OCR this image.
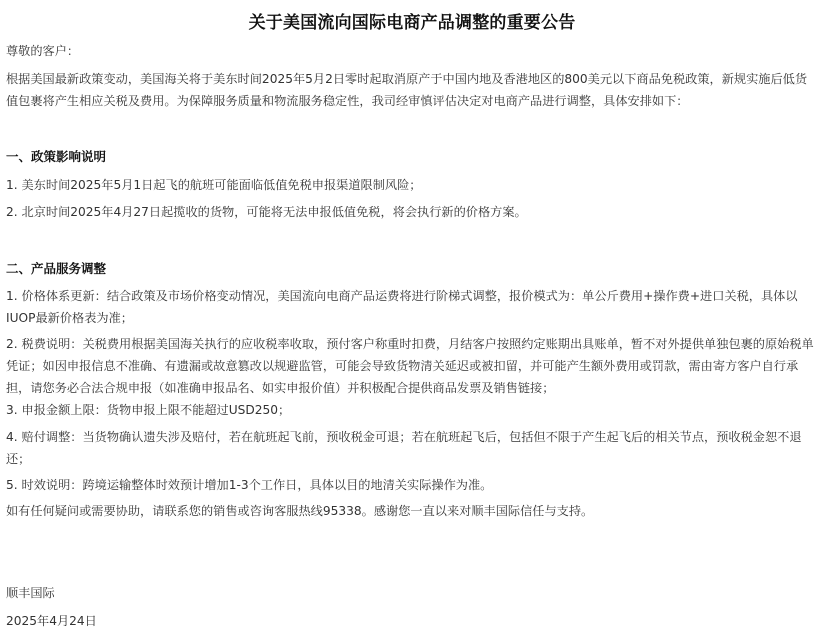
关于美国流向国际电商产品调整的重要公告

尊敬的客户：

根据美国最新政策变动，美国海关将于美东时间2025年5月2日零时起取消原产于中国内地及香港地区的800美元以下商品免税政策，新规实施后低货值包裹将产生相应关税及费用。为保障服务质量和物流服务稳定性，我司经审慎评估决定对电商产品进行调整，具体安排如下：

一、政策影响说明

1. 美东时间2025年5月1日起飞的航班可能面临低值免税申报渠道限制风险；

2. 北京时间2025年4月27日起揽收的货物，可能将无法申报低值免税，将会执行新的价格方案。

二、产品服务调整

1. 价格体系更新：结合政策及市场价格变动情况，美国流向电商产品运费将进行阶梯式调整，报价模式为：单公斤费用+操作费+进口关税，具体以IUOP最新价格表为准；

2. 税费说明：关税费用根据美国海关执行的应收税率收取，预付客户称重时扣费，月结客户按照约定账期出具账单，暂不对外提供单独包裹的原始税单凭证；如因申报信息不准确、有遗漏或故意篡改以规避监管，可能会导致货物清关延迟或被扣留，并可能产生额外费用或罚款，需由寄方客户自行承担，请您务必合法合规申报（如准确申报品名、如实申报价值）并积极配合提供商品发票及销售链接；

3. 申报金额上限：货物申报上限不能超过USD250；

4. 赔付调整：当货物确认遗失涉及赔付，若在航班起飞前，预收税金可退；若在航班起飞后，包括但不限于产生起飞后的相关节点，预收税金恕不退还；

5. 时效说明：跨境运输整体时效预计增加1-3个工作日，具体以目的地清关实际操作为准。

如有任何疑问或需要协助，请联系您的销售或咨询客服热线95338。感谢您一直以来对顺丰国际信任与支持。

顺丰国际

2025年4月24日
